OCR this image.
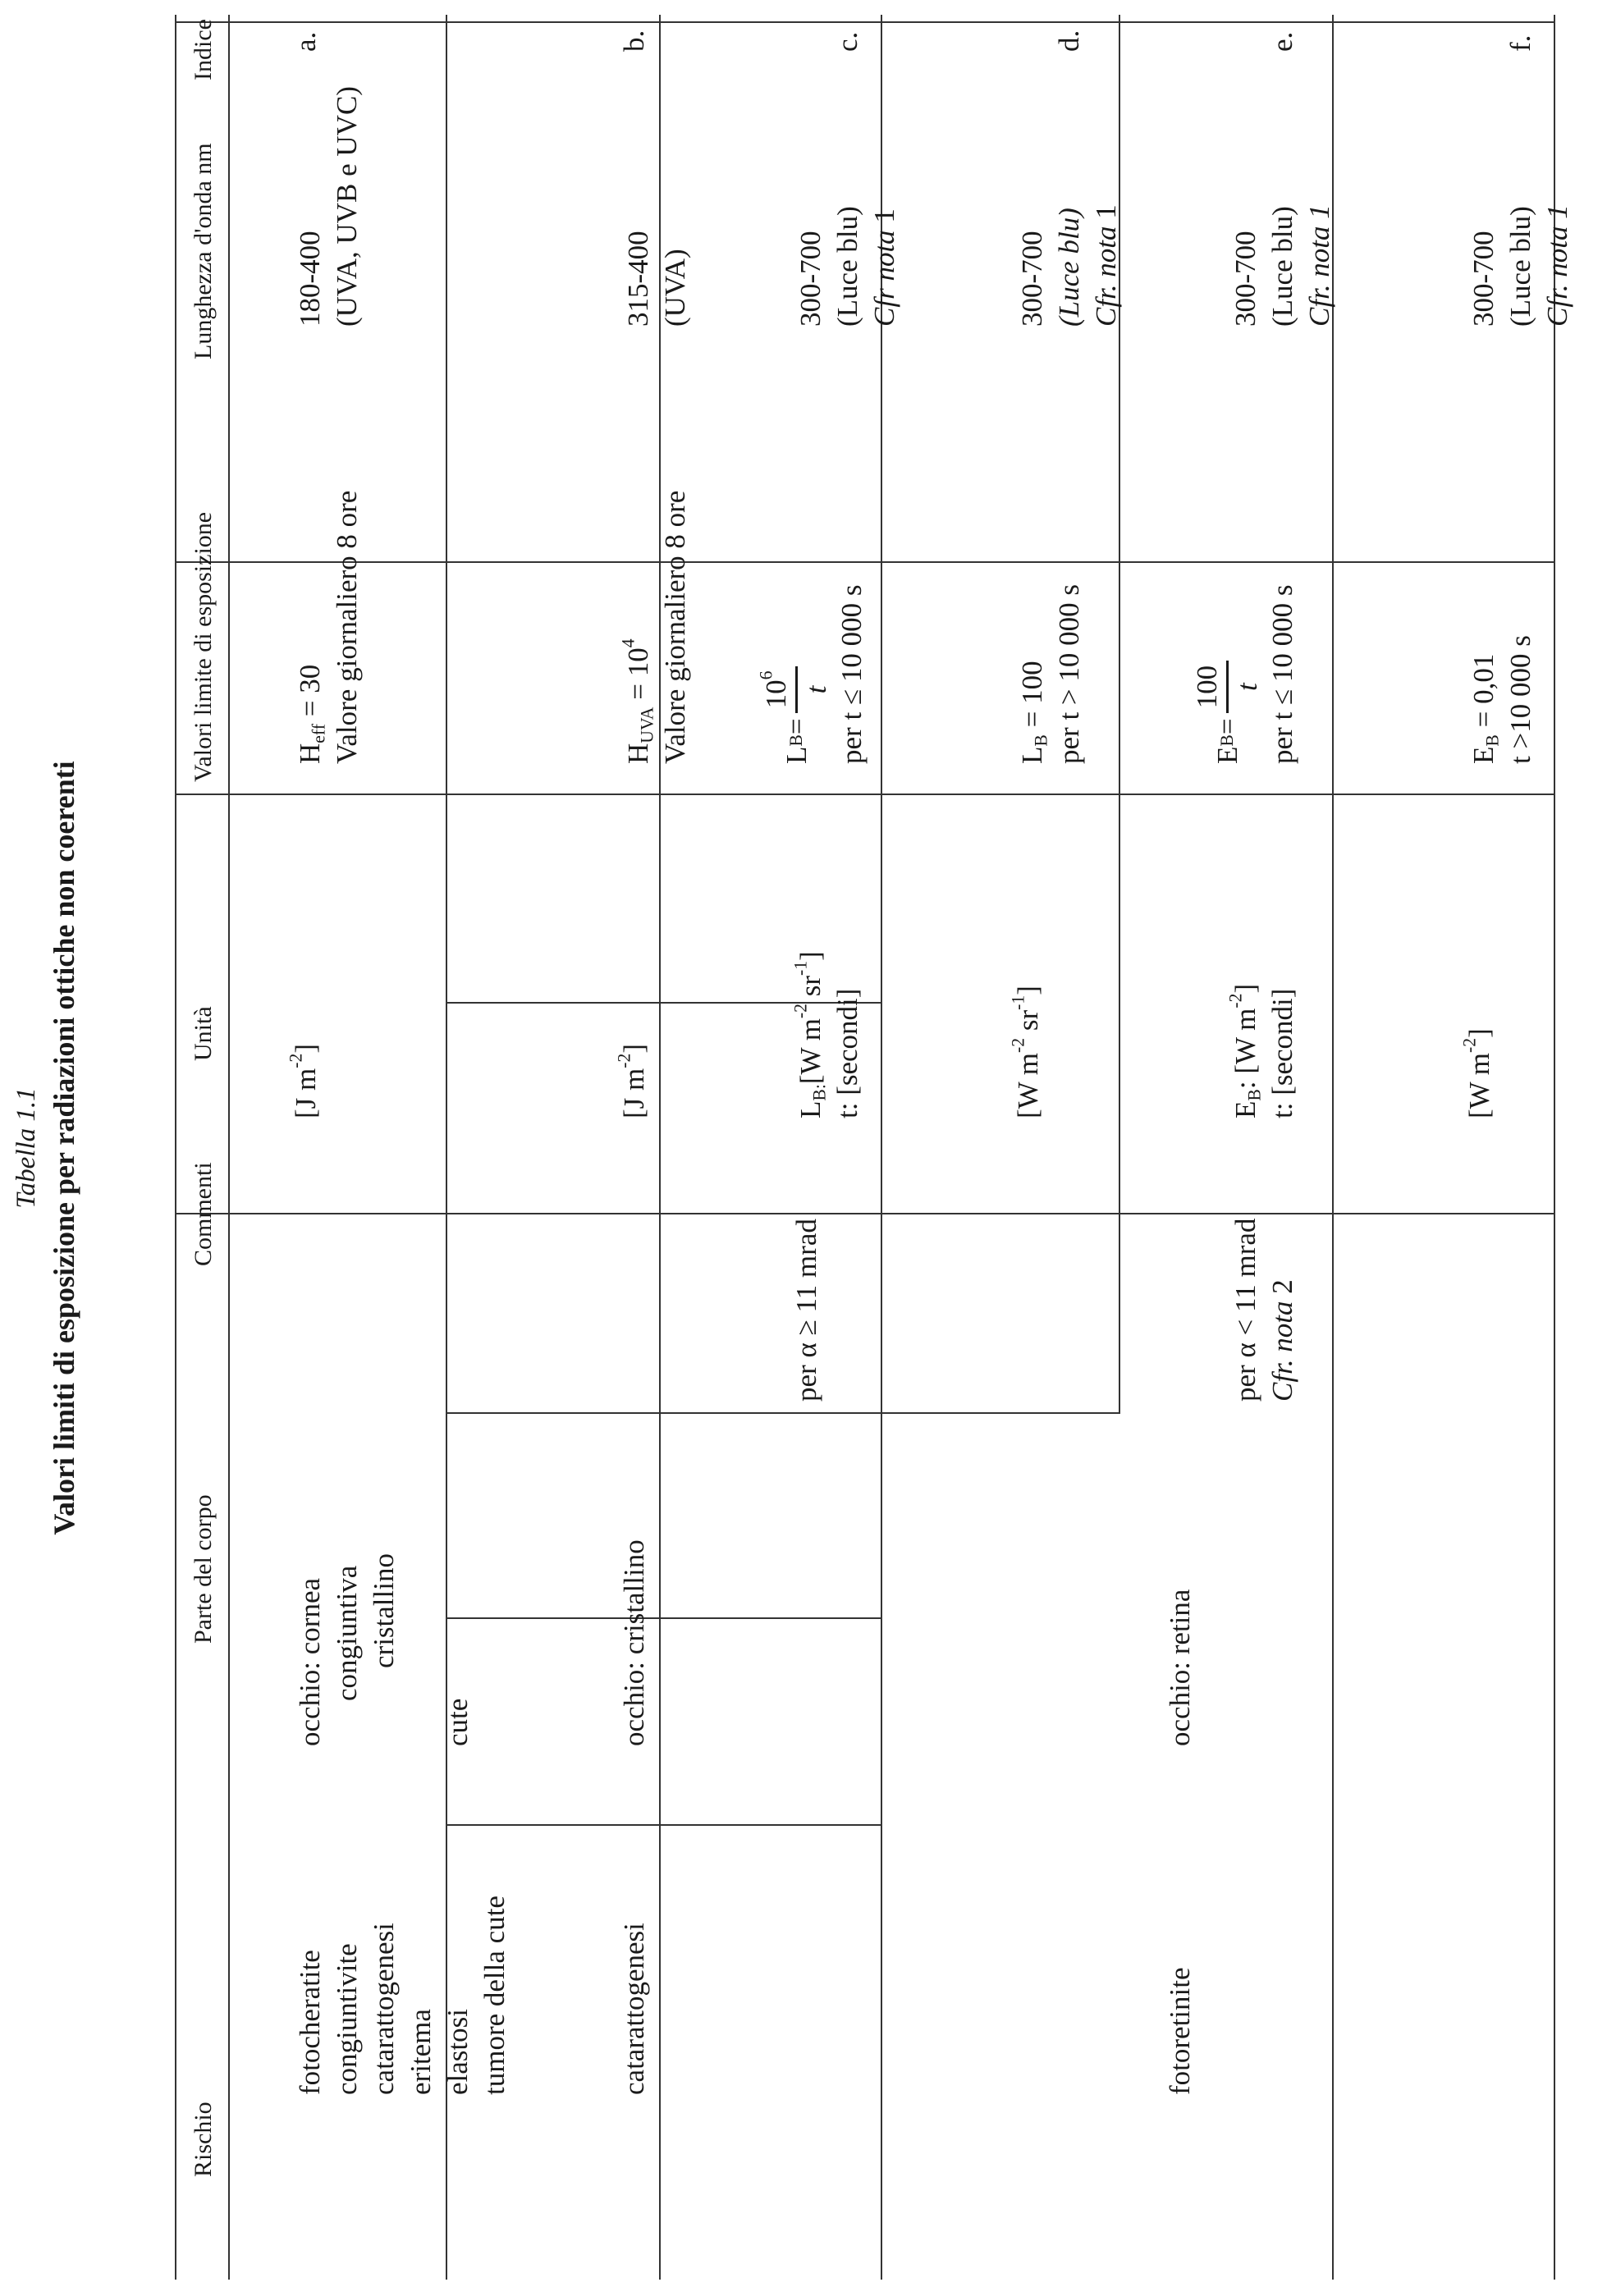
Tabella 1.1 Valori limiti di esposizione per radiazioni ottiche non coerenti
Indice
Lunghezza d'onda nm
Valori limite di esposizione
Unità
Commenti
Parte del corpo
Rischio
a.
180-400 (UVA, UVB e UVC)
$H_{eff} = 30$ Valore giornaliero 8 ore
[J $m^{-2}$]
occhio: cornea congiuntiva cristallino

cute
fotocheratite congiuntivite catarattogenesi eritema elastosi tumore della cute
b.
315-400 (UVA)
$H_{UVA} = 10^4$ Valore giornaliero 8 ore
[J $m^{-2}$]
occhio: cristallino
catarattogenesi
c.
300-700 (Luce blu) Cfr nota 1
L
B
=
$10^6$
t per t ≤ 10 000 s
$L_{B:}[W$ $m^{-2}$ $sr^{-1}$]
t: [secondi]
per α ≥ 11 mrad
d.
300-700 (Luce blu) Cfr. nota 1
$L_B = 100$ per t > 10 000 s
[W $m^{-2}$ $sr^{-1}$]
e.
300-700 (Luce blu) Cfr. nota 1
E
B
=
100 t per t ≤ 10 000 s
$E_B$: [W $m^{-2}$] t: [secondi]
per α < 11 mrad Cfr. nota 2
occhio: retina
fotoretinite
f.
300-700 (Luce blu) Cfr. nota 1
$E_B = 0,01$ t >10 000 s
[W $m^{-2}$]
